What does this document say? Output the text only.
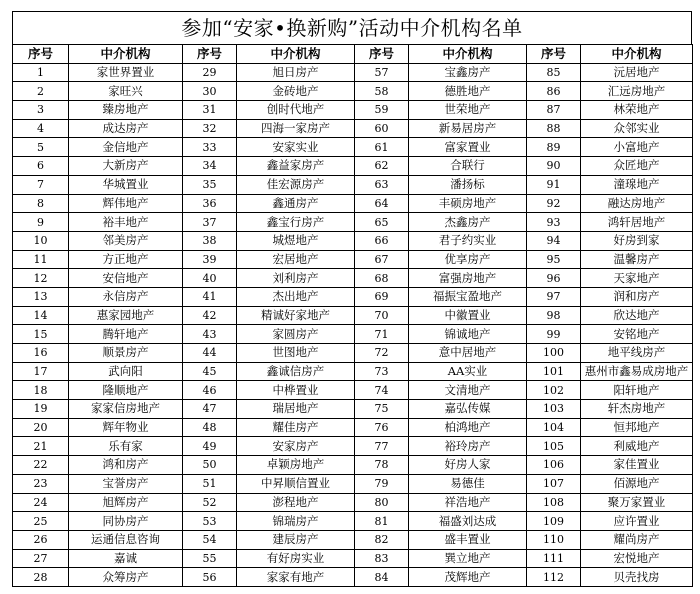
参加“安家•换新购”活动中介机构名单
序号	中介机构	序号	中介机构	序号	中介机构	序号	中介机构
1	家世界置业	29	旭日房产	57	宝鑫房产	85	沅居地产
2	家旺兴	30	金砖地产	58	德胜地产	86	汇远房地产
3	臻房地产	31	创时代地产	59	世荣地产	87	林荣地产
4	成达房产	32	四海一家房产	60	新易居房产	88	众邻实业
5	金信地产	33	安家实业	61	富家置业	89	小富地产
6	大新房产	34	鑫益家房产	62	合联行	90	众匠地产
7	华城置业	35	佳宏源房产	63	潘扬标	91	潼瑔地产
8	辉伟地产	36	鑫通房产	64	丰硕房地产	92	融达房地产
9	裕丰地产	37	鑫宝行房产	65	杰鑫房产	93	鸿轩居地产
10	邻美房产	38	城煜地产	66	君子约实业	94	好房到家
11	方正地产	39	宏居地产	67	优享房产	95	温馨房产
12	安信地产	40	刘利房产	68	富强房地产	96	天家地产
13	永信房产	41	杰出地产	69	福振宝盈地产	97	润和房产
14	惠家园地产	42	精诚好家地产	70	中徽置业	98	欣达地产
15	腾轩地产	43	家圆房产	71	锦诚地产	99	安铭地产
16	顺景房产	44	世图地产	72	意中居地产	100	地平线房产
17	武向阳	45	鑫诚信房产	73	AA实业	101	惠州市鑫易成房地产
18	隆顺地产	46	中桦置业	74	文清地产	102	阳轩地产
19	家家信房地产	47	瑞居地产	75	嘉弘传媒	103	轩杰房地产
20	辉年物业	48	耀佳房产	76	柏鸿地产	104	恒邦地产
21	乐有家	49	安家房产	77	裕玲房产	105	利威地产
22	鸿和房产	50	卓颖房地产	78	好房人家	106	家佳置业
23	宝誉房产	51	中昇顺信置业	79	易德佳	107	佰源地产
24	旭辉房产	52	澎程地产	80	祥浩地产	108	聚万家置业
25	同协房产	53	锦瑞房产	81	福盛刘达成	109	应许置业
26	运通信息咨询	54	建辰房产	82	盛丰置业	110	耀尚房产
27	嘉诚	55	有好房实业	83	巽立地产	111	宏悦地产
28	众筹房产	56	家家有地产	84	茂辉地产	112	贝壳找房
